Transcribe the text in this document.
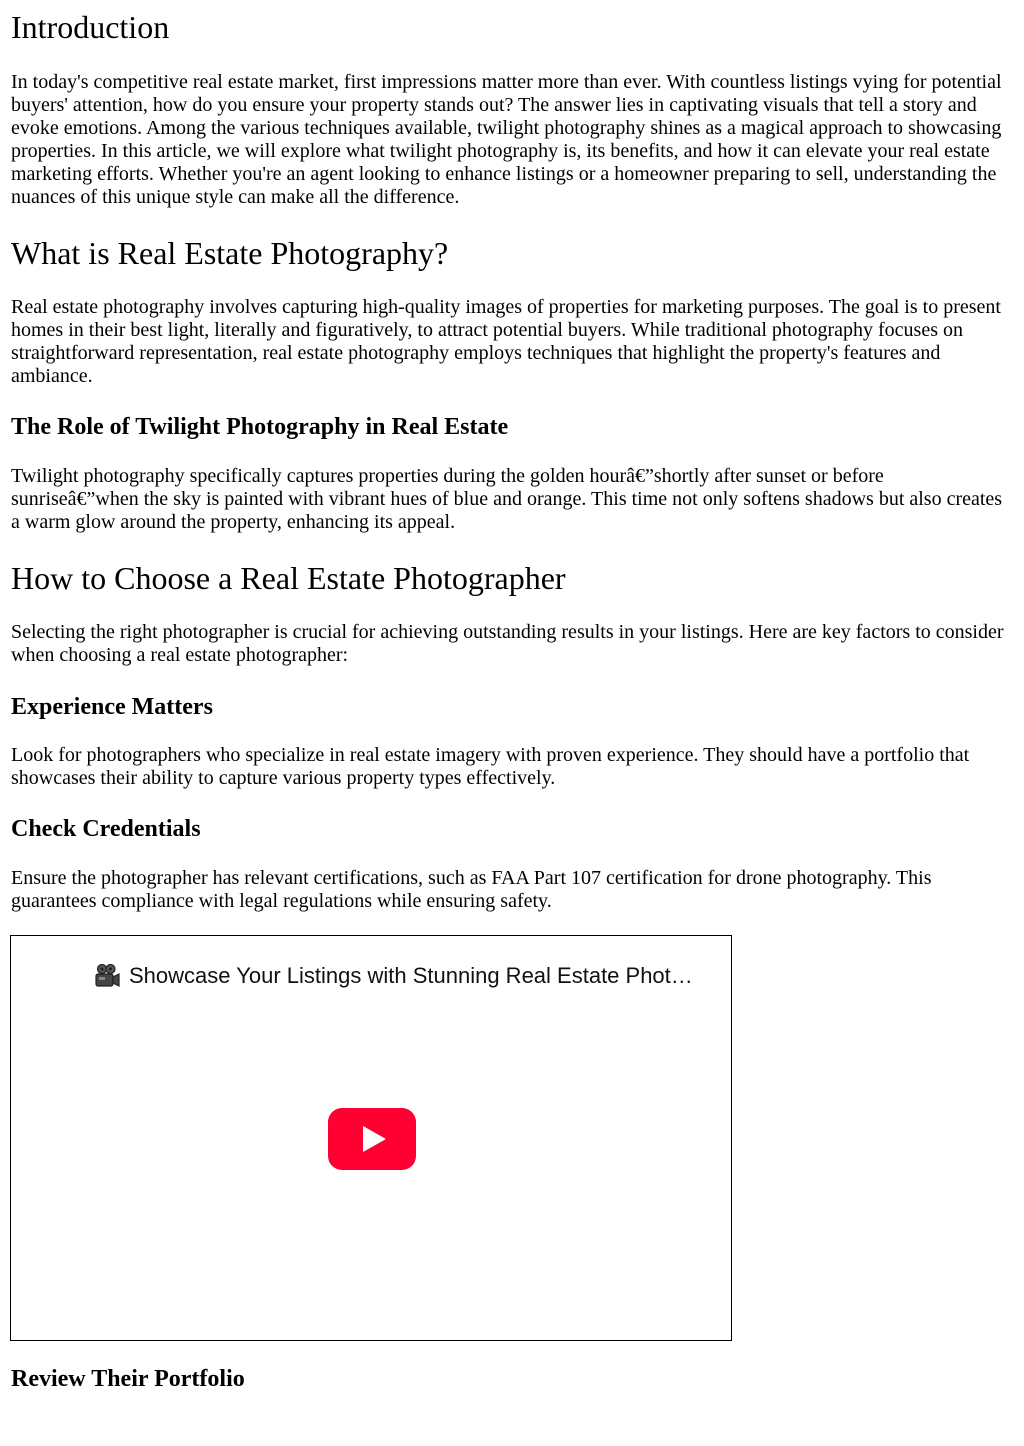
Introduction

In today's competitive real estate market, first impressions matter more than ever. With countless listings vying for potential buyers' attention, how do you ensure your property stands out? The answer lies in captivating visuals that tell a story and evoke emotions. Among the various techniques available, twilight photography shines as a magical approach to showcasing properties. In this article, we will explore what twilight photography is, its benefits, and how it can elevate your real estate marketing efforts. Whether you're an agent looking to enhance listings or a homeowner preparing to sell, understanding the nuances of this unique style can make all the difference.

What is Real Estate Photography?

Real estate photography involves capturing high-quality images of properties for marketing purposes. The goal is to present homes in their best light, literally and figuratively, to attract potential buyers. While traditional photography focuses on straightforward representation, real estate photography employs techniques that highlight the property's features and ambiance.

The Role of Twilight Photography in Real Estate

Twilight photography specifically captures properties during the golden hourâ€”shortly after sunset or before sunriseâ€”when the sky is painted with vibrant hues of blue and orange. This time not only softens shadows but also creates a warm glow around the property, enhancing its appeal.

How to Choose a Real Estate Photographer

Selecting the right photographer is crucial for achieving outstanding results in your listings. Here are key factors to consider when choosing a real estate photographer:

Experience Matters

Look for photographers who specialize in real estate imagery with proven experience. They should have a portfolio that showcases their ability to capture various property types effectively.

Check Credentials

Ensure the photographer has relevant certifications, such as FAA Part 107 certification for drone photography. This guarantees compliance with legal regulations while ensuring safety.

Showcase Your Listings with Stunning Real Estate Phot…
Review Their Portfolio
